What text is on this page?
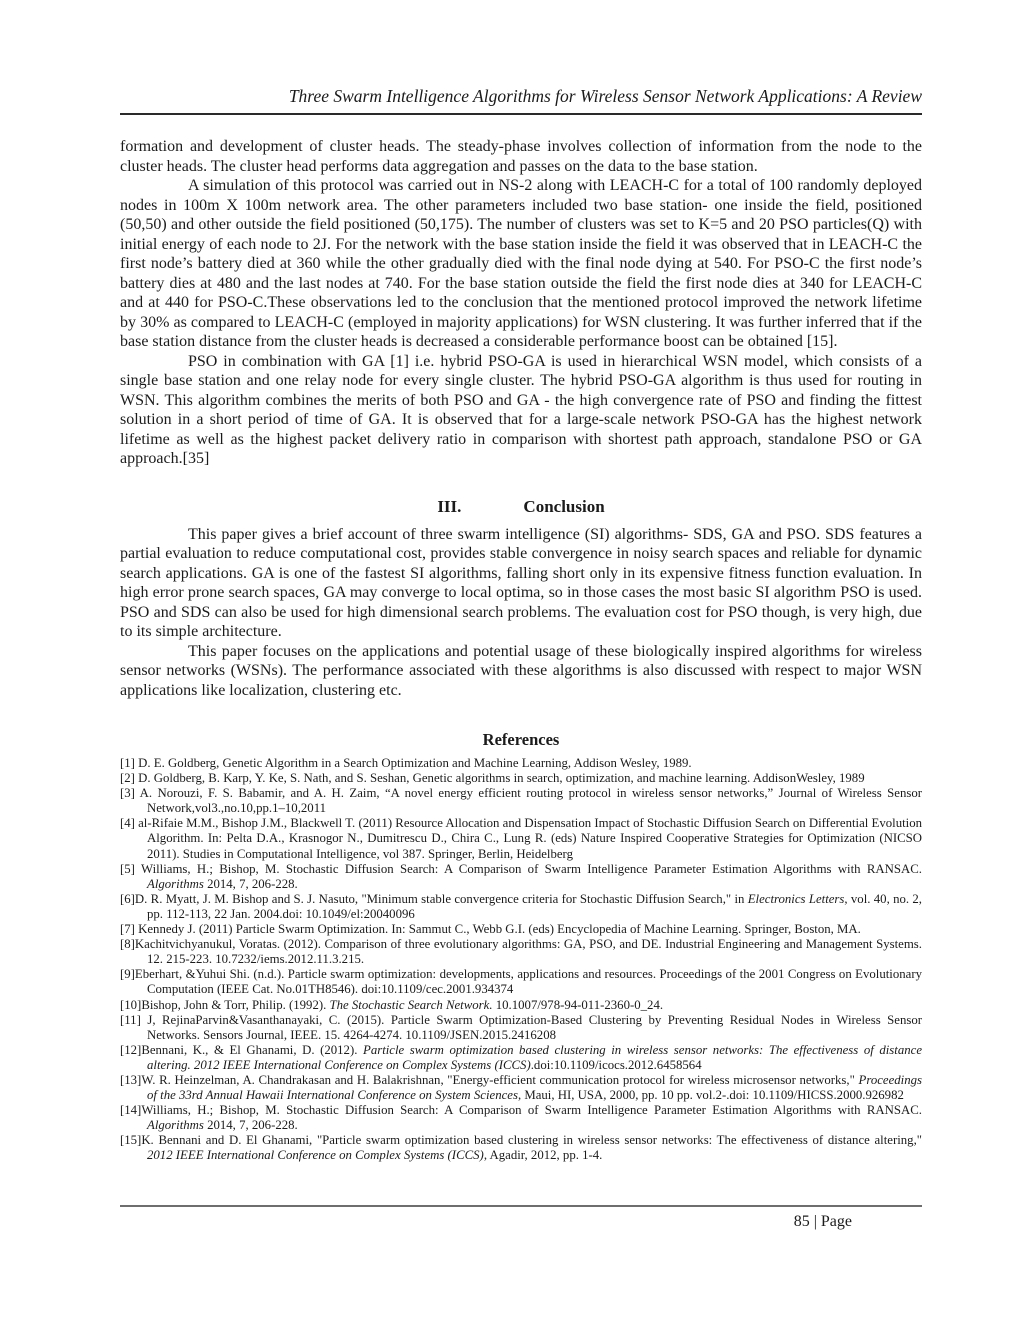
Three Swarm Intelligence Algorithms for Wireless Sensor Network Applications: A Review

formation and development of cluster heads. The steady-phase involves collection of information from the node to the cluster heads. The cluster head performs data aggregation and passes on the data to the base station.

A simulation of this protocol was carried out in NS-2 along with LEACH-C for a total of 100 randomly deployed nodes in 100m X 100m network area. The other parameters included two base station- one inside the field, positioned (50,50) and other outside the field positioned (50,175). The number of clusters was set to K=5 and 20 PSO particles(Q) with initial energy of each node to 2J. For the network with the base station inside the field it was observed that in LEACH-C the first node’s battery died at 360 while the other gradually died with the final node dying at 540. For PSO-C the first node’s battery dies at 480 and the last nodes at 740. For the base station outside the field the first node dies at 340 for LEACH-C and at 440 for PSO-C.These observations led to the conclusion that the mentioned protocol improved the network lifetime by 30% as compared to LEACH-C (employed in majority applications) for WSN clustering. It was further inferred that if the base station distance from the cluster heads is decreased a considerable performance boost can be obtained [15].

PSO in combination with GA [1] i.e. hybrid PSO-GA is used in hierarchical WSN model, which consists of a single base station and one relay node for every single cluster. The hybrid PSO-GA algorithm is thus used for routing in WSN. This algorithm combines the merits of both PSO and GA - the high convergence rate of PSO and finding the fittest solution in a short period of time of GA. It is observed that for a large-scale network PSO-GA has the highest network lifetime as well as the highest packet delivery ratio in comparison with shortest path approach, standalone PSO or GA approach.[35]

III.	Conclusion

This paper gives a brief account of three swarm intelligence (SI) algorithms- SDS, GA and PSO. SDS features a partial evaluation to reduce computational cost, provides stable convergence in noisy search spaces and reliable for dynamic search applications. GA is one of the fastest SI algorithms, falling short only in its expensive fitness function evaluation. In high error prone search spaces, GA may converge to local optima, so in those cases the most basic SI algorithm PSO is used. PSO and SDS can also be used for high dimensional search problems. The evaluation cost for PSO though, is very high, due to its simple architecture.

This paper focuses on the applications and potential usage of these biologically inspired algorithms for wireless sensor networks (WSNs). The performance associated with these algorithms is also discussed with respect to major WSN applications like localization, clustering etc.

References

[1] D. E. Goldberg, Genetic Algorithm in a Search Optimization and Machine Learning, Addison Wesley, 1989.

[2] D. Goldberg, B. Karp, Y. Ke, S. Nath, and S. Seshan, Genetic algorithms in search, optimization, and machine learning. AddisonWesley, 1989

[3] A. Norouzi, F. S. Babamir, and A. H. Zaim, “A novel energy efficient routing protocol in wireless sensor networks,” Journal of Wireless Sensor Network,vol3.,no.10,pp.1–10,2011

[4] al-Rifaie M.M., Bishop J.M., Blackwell T. (2011) Resource Allocation and Dispensation Impact of Stochastic Diffusion Search on Differential Evolution Algorithm. In: Pelta D.A., Krasnogor N., Dumitrescu D., Chira C., Lung R. (eds) Nature Inspired Cooperative Strategies for Optimization (NICSO 2011). Studies in Computational Intelligence, vol 387. Springer, Berlin, Heidelberg

[5] Williams, H.; Bishop, M. Stochastic Diffusion Search: A Comparison of Swarm Intelligence Parameter Estimation Algorithms with RANSAC. Algorithms 2014, 7, 206-228.

[6]D. R. Myatt, J. M. Bishop and S. J. Nasuto, "Minimum stable convergence criteria for Stochastic Diffusion Search," in Electronics Letters, vol. 40, no. 2, pp. 112-113, 22 Jan. 2004.doi: 10.1049/el:20040096

[7] Kennedy J. (2011) Particle Swarm Optimization. In: Sammut C., Webb G.I. (eds) Encyclopedia of Machine Learning. Springer, Boston, MA.

[8]Kachitvichyanukul, Voratas. (2012). Comparison of three evolutionary algorithms: GA, PSO, and DE. Industrial Engineering and Management Systems. 12. 215-223. 10.7232/iems.2012.11.3.215.

[9]Eberhart, &Yuhui Shi. (n.d.). Particle swarm optimization: developments, applications and resources. Proceedings of the 2001 Congress on Evolutionary Computation (IEEE Cat. No.01TH8546). doi:10.1109/cec.2001.934374

[10]Bishop, John & Torr, Philip. (1992). The Stochastic Search Network. 10.1007/978-94-011-2360-0_24.

[11] J, RejinaParvin&Vasanthanayaki, C. (2015). Particle Swarm Optimization-Based Clustering by Preventing Residual Nodes in Wireless Sensor Networks. Sensors Journal, IEEE. 15. 4264-4274. 10.1109/JSEN.2015.2416208

[12]Bennani, K., & El Ghanami, D. (2012). Particle swarm optimization based clustering in wireless sensor networks: The effectiveness of distance altering. 2012 IEEE International Conference on Complex Systems (ICCS).doi:10.1109/icocs.2012.6458564

[13]W. R. Heinzelman, A. Chandrakasan and H. Balakrishnan, "Energy-efficient communication protocol for wireless microsensor networks," Proceedings of the 33rd Annual Hawaii International Conference on System Sciences, Maui, HI, USA, 2000, pp. 10 pp. vol.2-.doi: 10.1109/HICSS.2000.926982

[14]Williams, H.; Bishop, M. Stochastic Diffusion Search: A Comparison of Swarm Intelligence Parameter Estimation Algorithms with RANSAC. Algorithms 2014, 7, 206-228.

[15]K. Bennani and D. El Ghanami, "Particle swarm optimization based clustering in wireless sensor networks: The effectiveness of distance altering," 2012 IEEE International Conference on Complex Systems (ICCS), Agadir, 2012, pp. 1-4.

85 | Page
